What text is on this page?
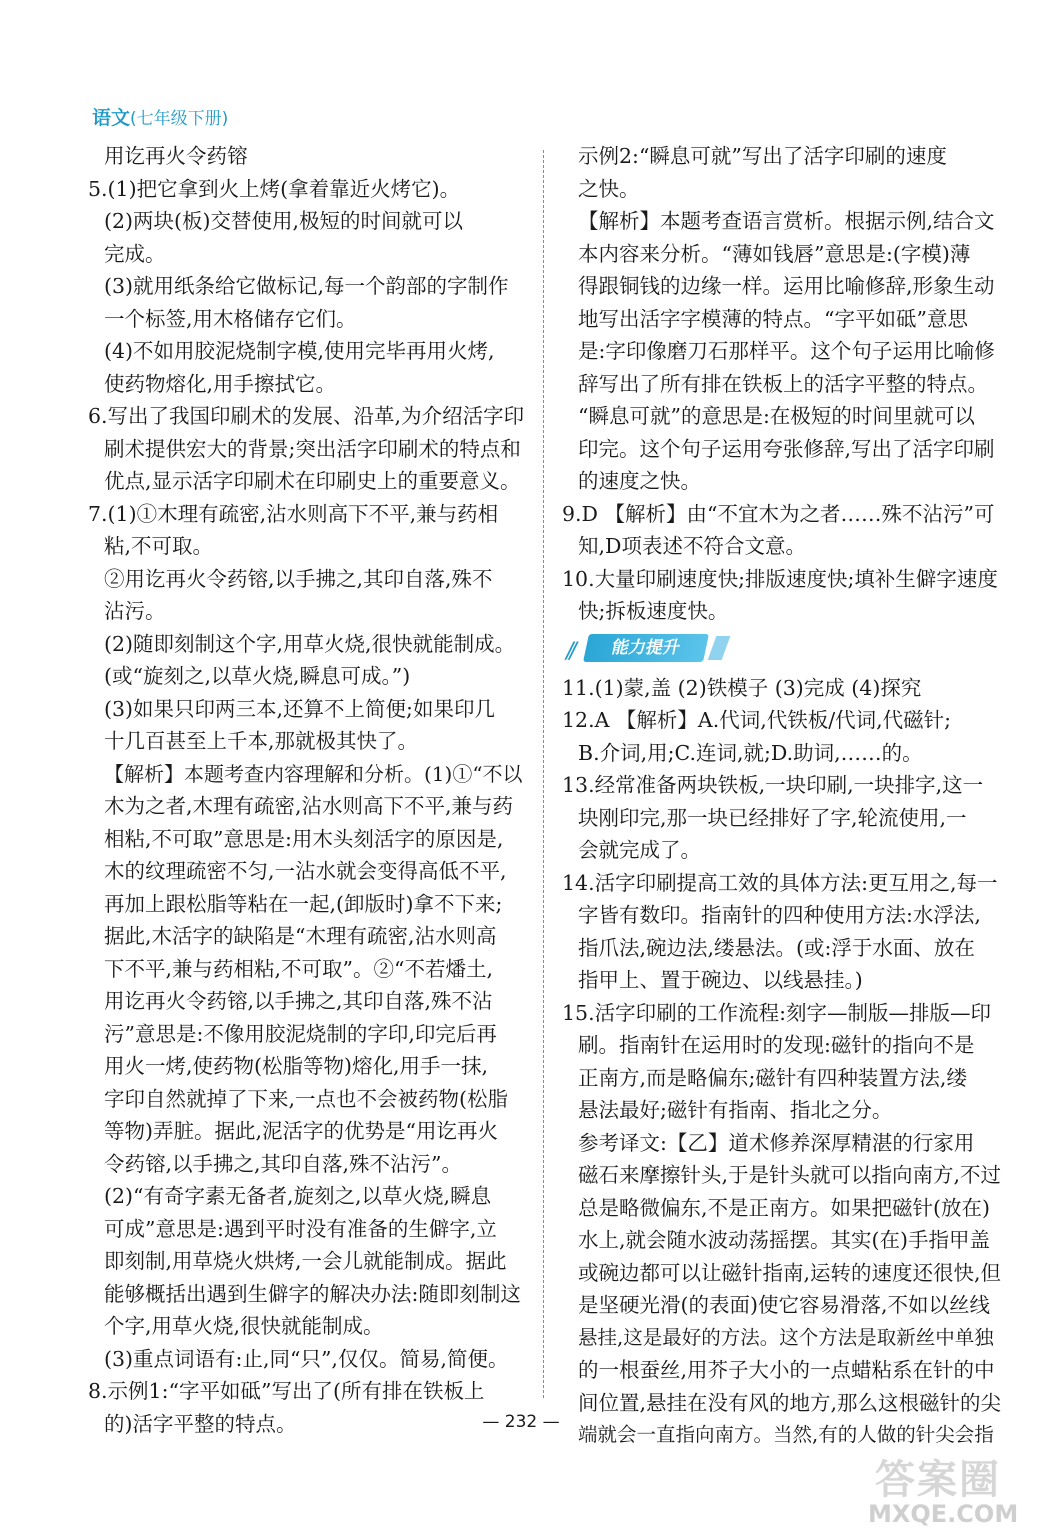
语文(七年级下册)
用讫再火令药镕
5.(1)把它拿到火上烤(拿着靠近火烤它)。
(2)两块(板)交替使用,极短的时间就可以
完成。
(3)就用纸条给它做标记,每一个韵部的字制作
一个标签,用木格储存它们。
(4)不如用胶泥烧制字模,使用完毕再用火烤,
使药物熔化,用手擦拭它。
6.写出了我国印刷术的发展、沿革,为介绍活字印
刷术提供宏大的背景;突出活字印刷术的特点和
优点,显示活字印刷术在印刷史上的重要意义。
7.(1)①木理有疏密,沾水则高下不平,兼与药相
粘,不可取。
②用讫再火令药镕,以手拂之,其印自落,殊不
沾污。
(2)随即刻制这个字,用草火烧,很快就能制成。
(或“旋刻之,以草火烧,瞬息可成。”)
(3)如果只印两三本,还算不上简便;如果印几
十几百甚至上千本,那就极其快了。
【解析】本题考查内容理解和分析。(1)①“不以
木为之者,木理有疏密,沾水则高下不平,兼与药
相粘,不可取”意思是:用木头刻活字的原因是,
木的纹理疏密不匀,一沾水就会变得高低不平,
再加上跟松脂等粘在一起,(卸版时)拿不下来;
据此,木活字的缺陷是“木理有疏密,沾水则高
下不平,兼与药相粘,不可取”。②“不若燔土,
用讫再火令药镕,以手拂之,其印自落,殊不沾
污”意思是:不像用胶泥烧制的字印,印完后再
用火一烤,使药物(松脂等物)熔化,用手一抹,
字印自然就掉了下来,一点也不会被药物(松脂
等物)弄脏。据此,泥活字的优势是“用讫再火
令药镕,以手拂之,其印自落,殊不沾污”。
(2)“有奇字素无备者,旋刻之,以草火烧,瞬息
可成”意思是:遇到平时没有准备的生僻字,立
即刻制,用草烧火烘烤,一会儿就能制成。据此
能够概括出遇到生僻字的解决办法:随即刻制这
个字,用草火烧,很快就能制成。
(3)重点词语有:止,同“只”,仅仅。简易,简便。
8.示例1:“字平如砥”写出了(所有排在铁板上
的)活字平整的特点。
示例2:“瞬息可就”写出了活字印刷的速度
之快。
【解析】本题考查语言赏析。根据示例,结合文
本内容来分析。“薄如钱唇”意思是:(字模)薄
得跟铜钱的边缘一样。运用比喻修辞,形象生动
地写出活字字模薄的特点。“字平如砥”意思
是:字印像磨刀石那样平。这个句子运用比喻修
辞写出了所有排在铁板上的活字平整的特点。
“瞬息可就”的意思是:在极短的时间里就可以
印完。这个句子运用夸张修辞,写出了活字印刷
的速度之快。
9.D 【解析】由“不宜木为之者……殊不沾污”可
知,D项表述不符合文意。
10.大量印刷速度快;排版速度快;填补生僻字速度
快;拆板速度快。
//	能力提升
11.(1)蒙,盖 (2)铁模子 (3)完成 (4)探究
12.A 【解析】A.代词,代铁板/代词,代磁针;
B.介词,用;C.连词,就;D.助词,……的。
13.经常准备两块铁板,一块印刷,一块排字,这一
块刚印完,那一块已经排好了字,轮流使用,一
会就完成了。
14.活字印刷提高工效的具体方法:更互用之,每一
字皆有数印。指南针的四种使用方法:水浮法,
指爪法,碗边法,缕悬法。(或:浮于水面、放在
指甲上、置于碗边、以线悬挂。)
15.活字印刷的工作流程:刻字—制版—排版—印
刷。指南针在运用时的发现:磁针的指向不是
正南方,而是略偏东;磁针有四种装置方法,缕
悬法最好;磁针有指南、指北之分。
参考译文:【乙】道术修养深厚精湛的行家用
磁石来摩擦针头,于是针头就可以指向南方,不过
总是略微偏东,不是正南方。如果把磁针(放在)
水上,就会随水波动荡摇摆。其实(在)手指甲盖
或碗边都可以让磁针指南,运转的速度还很快,但
是坚硬光滑(的表面)使它容易滑落,不如以丝线
悬挂,这是最好的方法。这个方法是取新丝中单独
的一根蚕丝,用芥子大小的一点蜡粘系在针的中
间位置,悬挂在没有风的地方,那么这根磁针的尖
端就会一直指向南方。当然,有的人做的针尖会指
— 232 —
答案圈
MXQE.COM
